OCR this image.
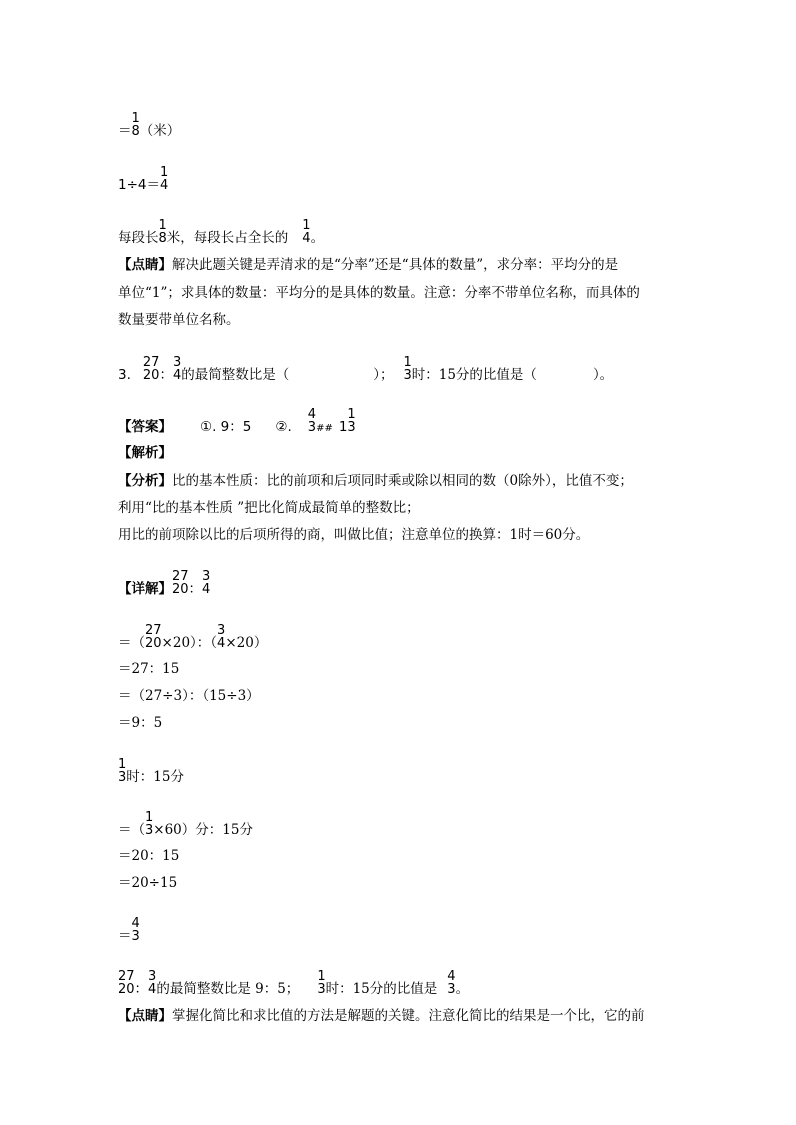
＝
1
8（米）
1÷4＝
1
4
每段长
1
8米，每段长占全长的
1
4。
【点睛】解决此题关键是弄清求的是“分率”还是“具体的数量”，求分率：平均分的是
单位“1”；求具体的数量：平均分的是具体的数量。注意：分率不带单位名称，而具体的
数量要带单位名称。
3.
27
20：
3
4的最简整数比是（	）；
1
3时：15分的比值是（	）。
【答案】 ①. 9：5 ②.
4
3## 1
1
3
【解析】
【分析】比的基本性质：比的前项和后项同时乘或除以相同的数（0除外），比值不变；
利用“比的基本性质 ”把比化简成最简单的整数比；
用比的前项除以比的后项所得的商，叫做比值；注意单位的换算：1时＝60分。
【详解】
27
20：
3
4
＝（
27
20×20）：（
3
4×20）
＝27：15
＝（27÷3）：（15÷3）
＝9：5
1
3时：15分
＝（
1
3×60）分：15分
＝20：15
＝20÷15
＝
4
3
27
20：
3
4的最简整数比是 9：5；
1
3时：15分的比值是
4
3。
【点睛】掌握化简比和求比值的方法是解题的关键。注意化简比的结果是一个比，它的前
